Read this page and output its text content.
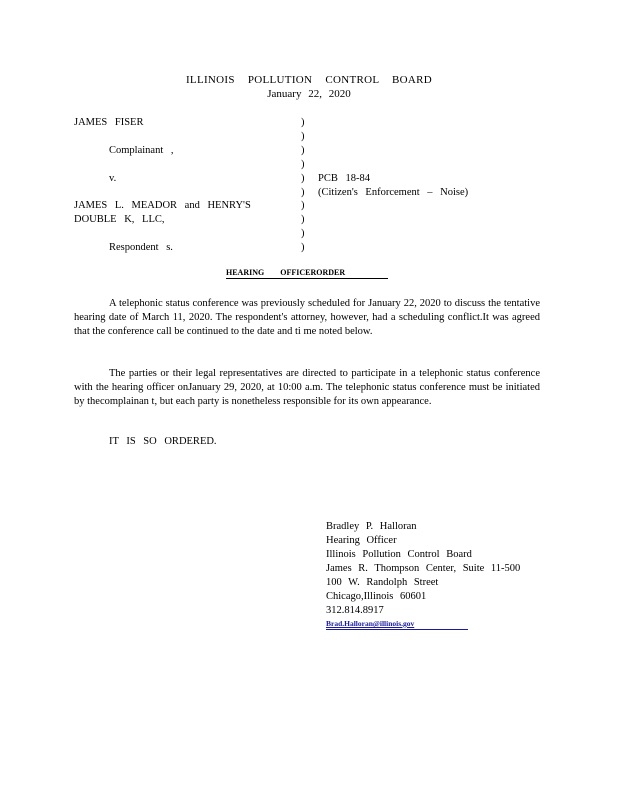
ILLINOIS POLLUTION CONTROL BOARD
January 22, 2020
JAMES FISER
Complainant ,
v.
JAMES L. MEADOR and HENRY'S
DOUBLE K, LLC,
Respondent s.
)
)
)
)
)
)
)
)
)
)
PCB 18-84
(Citizen's Enforcement – Noise)
HEARING OFFICERORDER
A telephonic status conference was previously scheduled for January 22, 2020 to discuss the tentative hearing date of March 11, 2020. The respondent's attorney, however, had a scheduling conflict.It was agreed that the conference call be continued to the date and ti me noted below.
The parties or their legal representatives are directed to participate in a telephonic status conference with the hearing officer onJanuary 29, 2020, at 10:00 a.m. The telephonic status conference must be initiated by thecomplainan t, but each party is nonetheless responsible for its own appearance.
IT IS SO ORDERED.
Bradley P. Halloran
Hearing Officer
Illinois Pollution Control Board
James R. Thompson Center, Suite 11-500
100 W. Randolph Street
Chicago,Illinois 60601
312.814.8917
Brad.Halloran@illinois.gov
